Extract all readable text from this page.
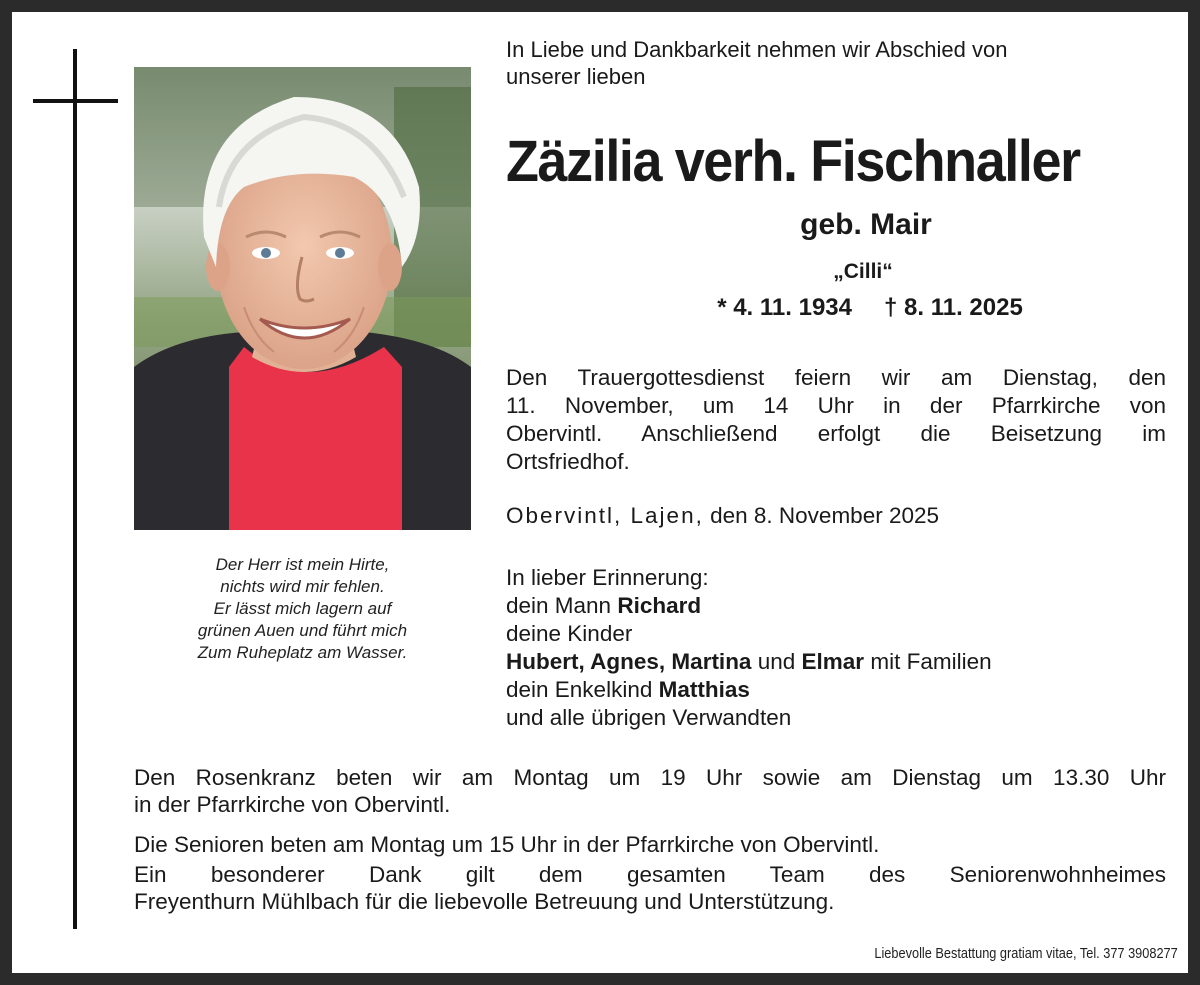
Der Herr ist mein Hirte,
nichts wird mir fehlen.
Er lässt mich lagern auf
grünen Auen und führt mich
Zum Ruheplatz am Wasser.
In Liebe und Dankbarkeit nehmen wir Abschied von
unserer lieben
Zäzilia verh. Fischnaller
geb. Mair
„Cilli“
* 4. 11. 1934 † 8. 11. 2025
Den Trauergottesdienst feiern wir am Dienstag, den
11. November, um 14 Uhr in der Pfarrkirche von
Obervintl. Anschließend erfolgt die Beisetzung im
Ortsfriedhof.
Obervintl, Lajen, den 8. November 2025
In lieber Erinnerung:
dein Mann Richard
deine Kinder
Hubert, Agnes, Martina und Elmar mit Familien
dein Enkelkind Matthias
und alle übrigen Verwandten
Den Rosenkranz beten wir am Montag um 19 Uhr sowie am Dienstag um 13.30 Uhr
in der Pfarrkirche von Obervintl.
Die Senioren beten am Montag um 15 Uhr in der Pfarrkirche von Obervintl.
Ein besonderer Dank gilt dem gesamten Team des Seniorenwohnheimes
Freyenthurn Mühlbach für die liebevolle Betreuung und Unterstützung.
Liebevolle Bestattung gratiam vitae, Tel. 377 3908277
